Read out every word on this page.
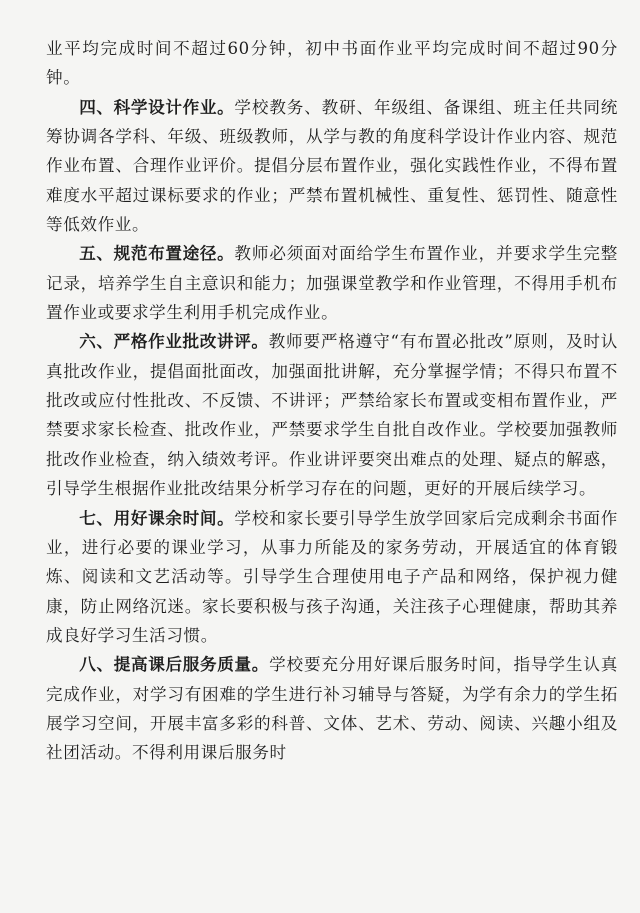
业平均完成时间不超过60分钟，初中书面作业平均完成时间不超过90分钟。

四、科学设计作业。学校教务、教研、年级组、备课组、班主任共同统筹协调各学科、年级、班级教师，从学与教的角度科学设计作业内容、规范作业布置、合理作业评价。提倡分层布置作业，强化实践性作业，不得布置难度水平超过课标要求的作业；严禁布置机械性、重复性、惩罚性、随意性等低效作业。

五、规范布置途径。教师必须面对面给学生布置作业，并要求学生完整记录，培养学生自主意识和能力；加强课堂教学和作业管理，不得用手机布置作业或要求学生利用手机完成作业。

六、严格作业批改讲评。教师要严格遵守“有布置必批改”原则，及时认真批改作业，提倡面批面改，加强面批讲解，充分掌握学情；不得只布置不批改或应付性批改、不反馈、不讲评；严禁给家长布置或变相布置作业，严禁要求家长检查、批改作业，严禁要求学生自批自改作业。学校要加强教师批改作业检查，纳入绩效考评。作业讲评要突出难点的处理、疑点的解惑，引导学生根据作业批改结果分析学习存在的问题，更好的开展后续学习。

七、用好课余时间。学校和家长要引导学生放学回家后完成剩余书面作业，进行必要的课业学习，从事力所能及的家务劳动，开展适宜的体育锻炼、阅读和文艺活动等。引导学生合理使用电子产品和网络，保护视力健康，防止网络沉迷。家长要积极与孩子沟通，关注孩子心理健康，帮助其养成良好学习生活习惯。

八、提高课后服务质量。学校要充分用好课后服务时间，指导学生认真完成作业，对学习有困难的学生进行补习辅导与答疑，为学有余力的学生拓展学习空间，开展丰富多彩的科普、文体、艺术、劳动、阅读、兴趣小组及社团活动。不得利用课后服务时
